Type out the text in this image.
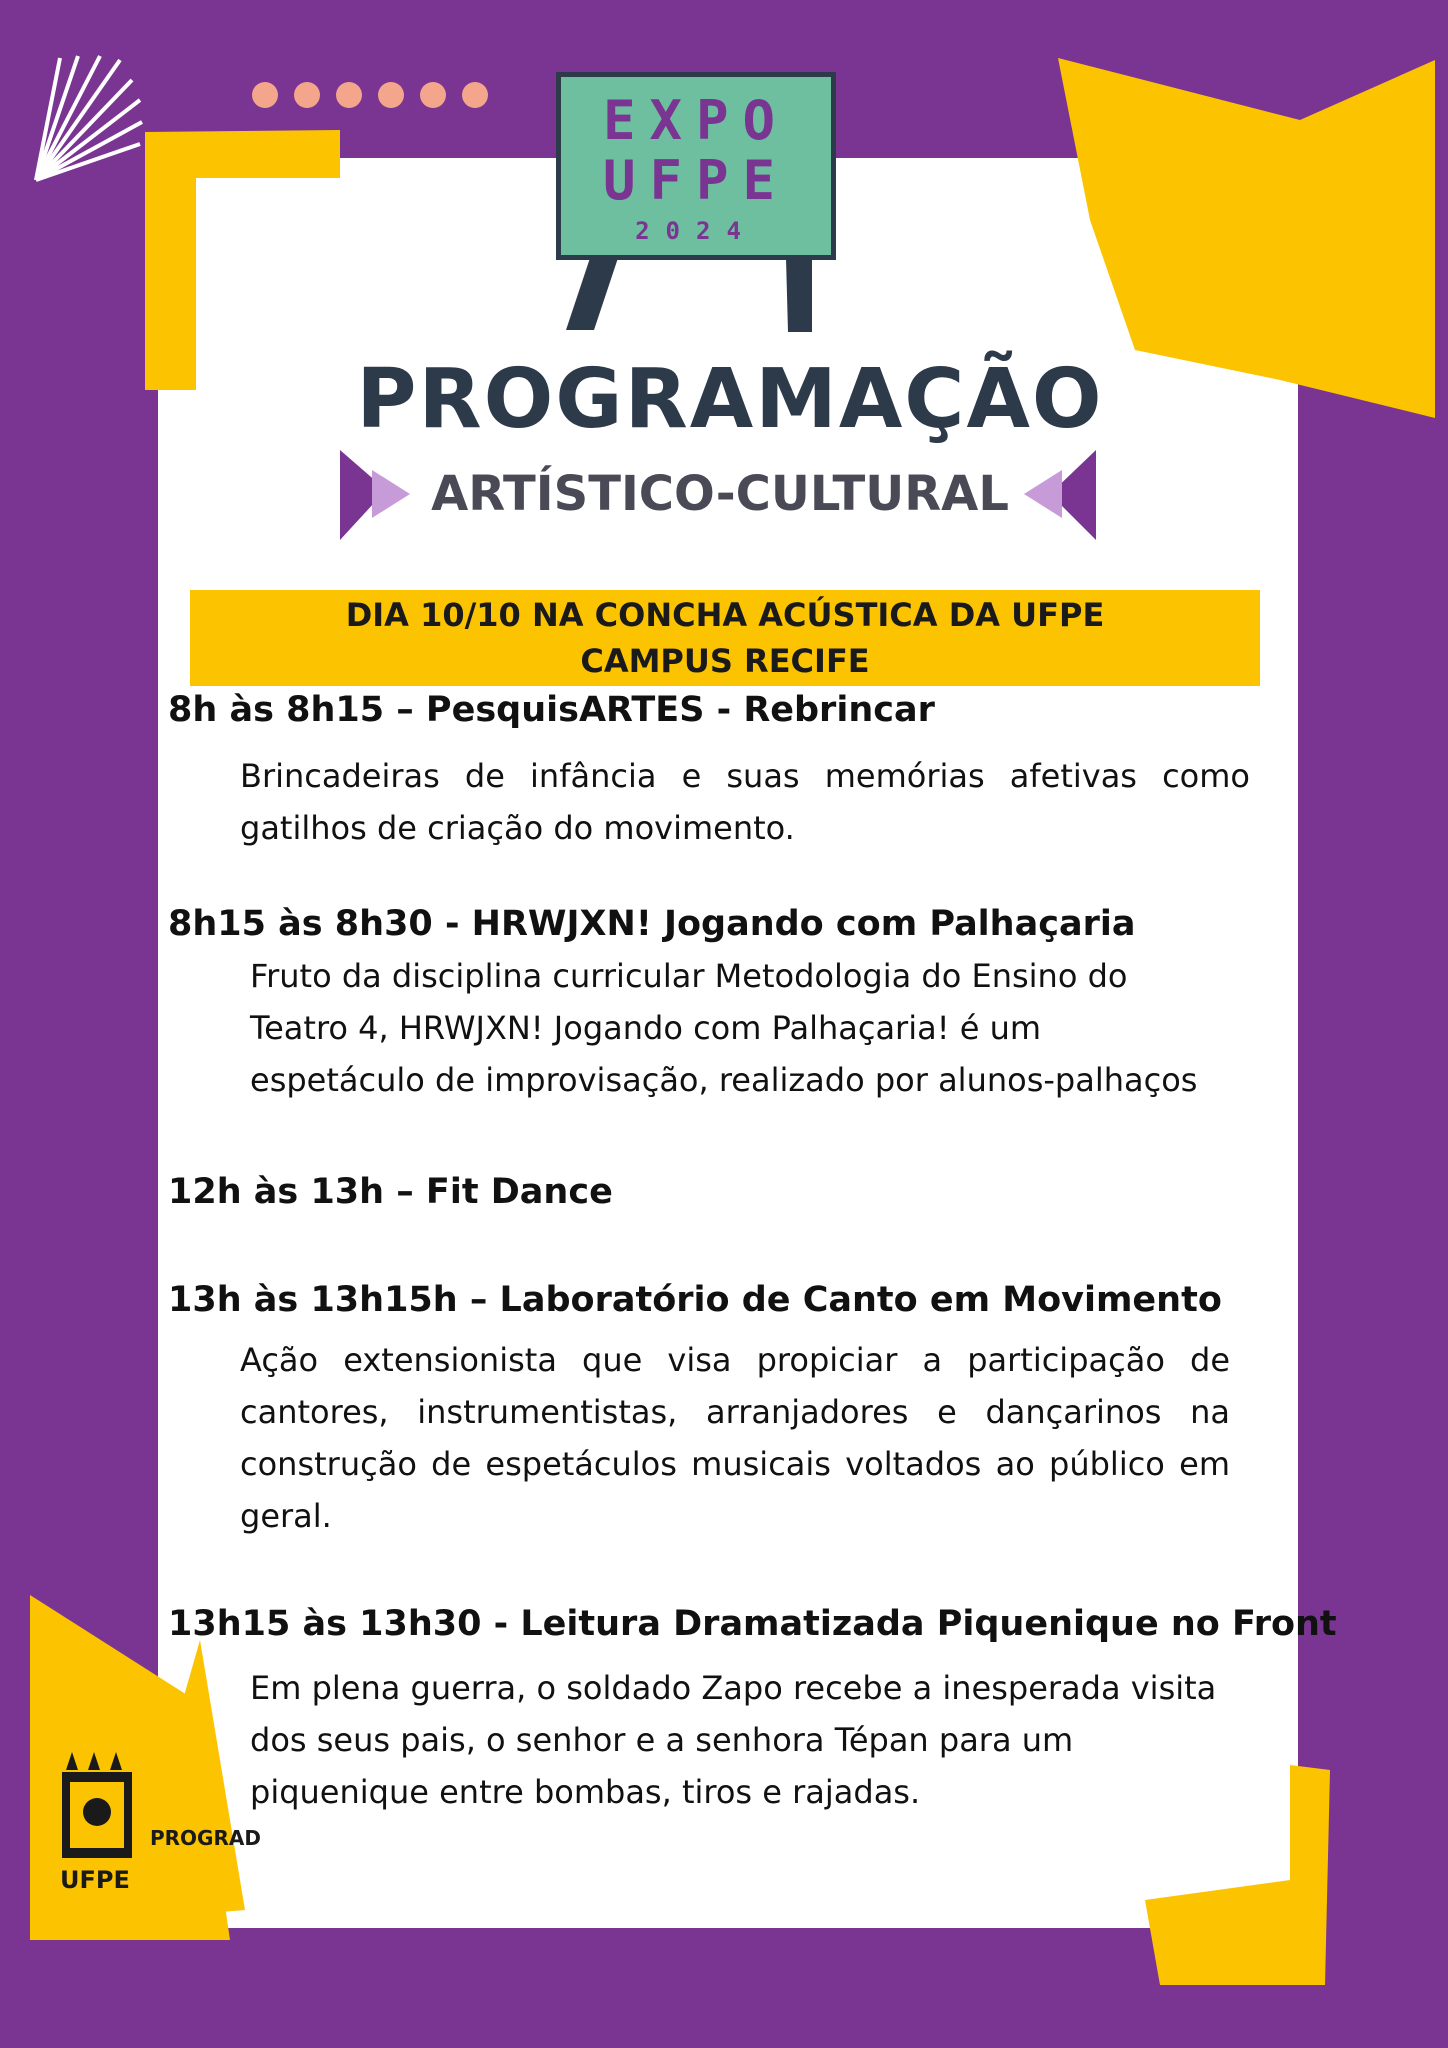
EXPO
UFPE
2024
PROGRAMAÇÃO
ARTÍSTICO-CULTURAL
DIA 10/10 NA CONCHA ACÚSTICA DA UFPE
CAMPUS RECIFE
8h às 8h15 – PesquisARTES - Rebrincar
Brincadeiras de infância e suas memórias afetivas como gatilhos de criação do movimento.
8h15 às 8h30 - HRWJXN! Jogando com Palhaçaria
Fruto da disciplina curricular Metodologia do Ensino do
Teatro 4, HRWJXN! Jogando com Palhaçaria! é um
espetáculo de improvisação, realizado por alunos-palhaços
12h às 13h – Fit Dance
13h às 13h15h – Laboratório de Canto em Movimento
Ação extensionista que visa propiciar a participação de cantores, instrumentistas, arranjadores e dançarinos na construção de espetáculos musicais voltados ao público em geral.
13h15 às 13h30 - Leitura Dramatizada Piquenique no Front
Em plena guerra, o soldado Zapo recebe a inesperada visita
dos seus pais, o senhor e a senhora Tépan para um
piquenique entre bombas, tiros e rajadas.
UFPE
PROGRAD
